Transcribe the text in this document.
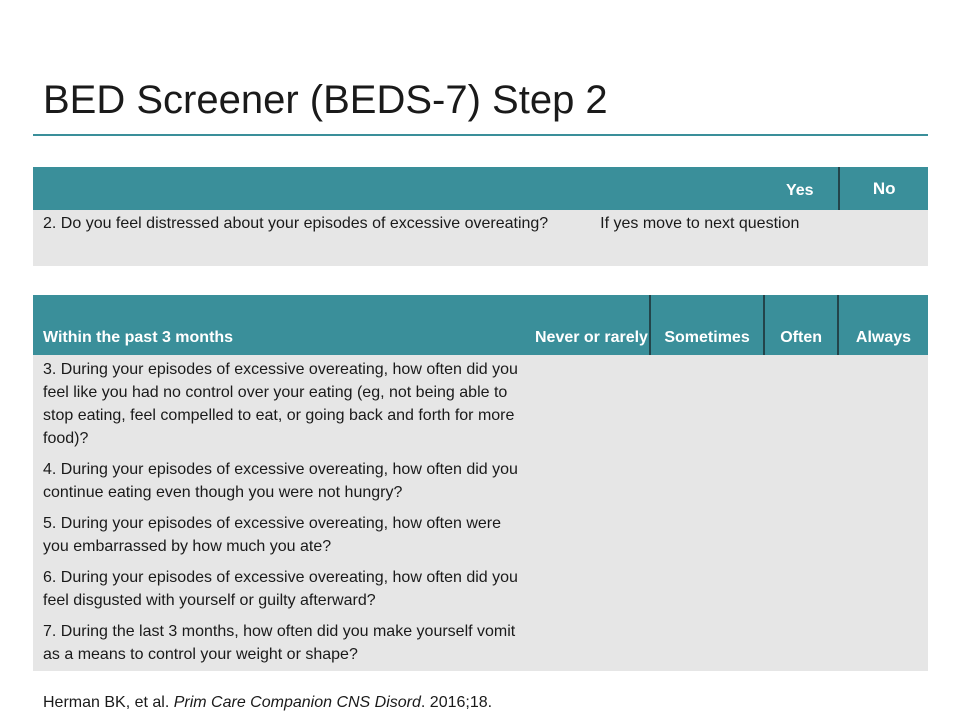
BED Screener (BEDS-7) Step 2
		Yes	No
2. Do you feel distressed about your episodes of excessive overeating?	If yes move to next question		
Within the past 3 months	Never or rarely	Sometimes	Often	Always
3. During your episodes of excessive overeating, how often did you feel like you had no control over your eating (eg, not being able to stop eating, feel compelled to eat, or going back and forth for more food)?				
4. During your episodes of excessive overeating, how often did you continue eating even though you were not hungry?				
5. During your episodes of excessive overeating, how often were you embarrassed by how much you ate?				
6. During your episodes of excessive overeating, how often did you feel disgusted with yourself or guilty afterward?				
7. During the last 3 months, how often did you make yourself vomit as a means to control your weight or shape?				
Herman BK, et al. Prim Care Companion CNS Disord. 2016;18.
